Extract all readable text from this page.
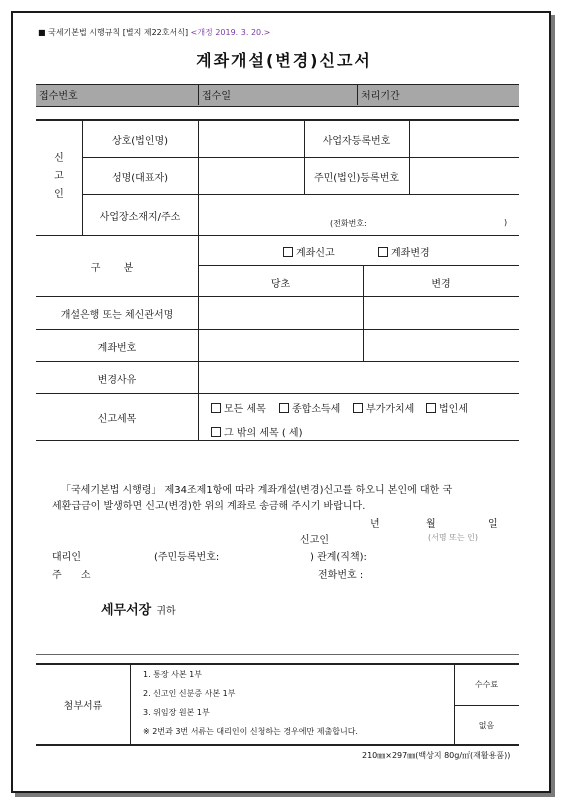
■ 국세기본법 시행규칙 [별지 제22호서식] <개정 2019. 3. 20.>
계좌개설(변경)신고서
접수번호	접수일	처리기간
신
고
인
상호(법인명)	사업자등록번호
성명(대표자)	주민(법인)등록번호
사업장소재지/주소
(전화번호:	)
구 분
계좌신고	계좌변경
당초	변경
개설은행 또는 체신관서명
계좌번호
변경사유
신고세목
모든 세목	종합소득세	부가가치세	법인세
그 밖의 세목 ( 세)
「국세기본법 시행령」 제34조제1항에 따라 계좌개설(변경)신고를 하오니 본인에 대한 국
세환급금이 발생하면 신고(변경)한 위의 계좌로 송금해 주시기 바랍니다.
년	월	일
신고인	(서명 또는 인)
대리인	(주민등록번호:	) 관계(직책):
주 소	전화번호 :
세무서장 귀하
첨부서류
1. 통장 사본 1부
2. 신고인 신분증 사본 1부
3. 위임장 원본 1부
※ 2번과 3번 서류는 대리인이 신청하는 경우에만 제출합니다.
수수료
없음
210㎜×297㎜(백상지 80g/㎡(재활용품))
